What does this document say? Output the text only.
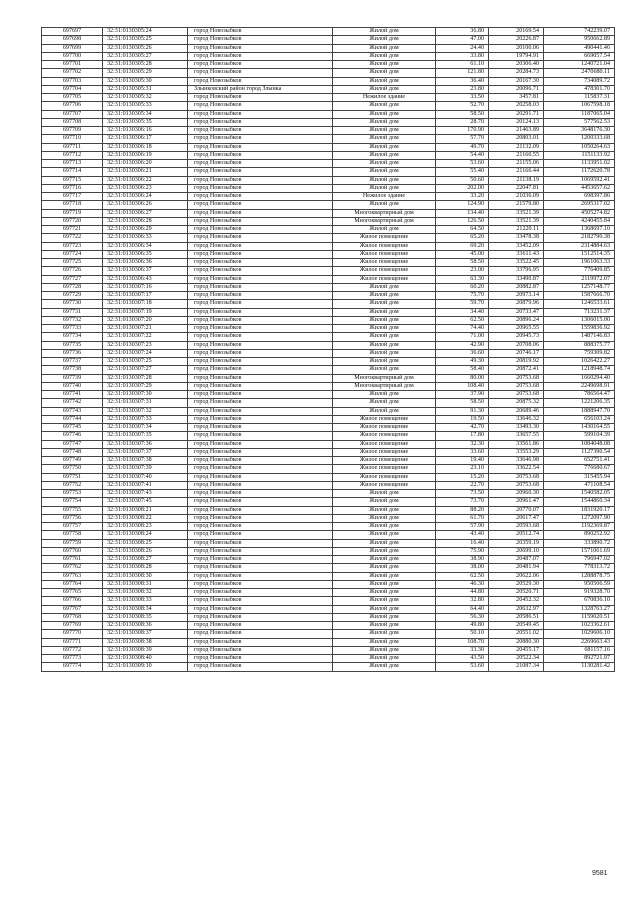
697697	32:31:0130305:24	город Новозыбков	Жилой дом	36.80	20169.54	742239.07
697698	32:31:0130305:25	город Новозыбков	Жилой дом	47.00	20226.87	950662.89
697699	32:31:0130305:26	город Новозыбков	Жилой дом	24.40	20100.06	490441.46
697700	32:31:0130305:27	город Новозыбков	Жилой дом	33.80	19794.91	669057.54
697701	32:31:0130305:28	город Новозыбков	Жилой дом	61.10	20306.40	1240721.04
697702	32:31:0130305:29	город Новозыбков	Жилой дом	121.80	20284.73	2470680.11
697703	32:31:0130305:30	город Новозыбков	Жилой дом	36.40	20167.30	734089.72
697704	32:31:0130305:31	Злынковский район город Злынка	Жилой дом	23.80	20096.71	478301.70
697705	32:31:0130305:32	город Новозыбков	Нежилое здание	33.50	3457.81	115837.31
697706	32:31:0130305:33	город Новозыбков	Жилой дом	52.70	20258.03	1067598.18
697707	32:31:0130305:34	город Новозыбков	Жилой дом	58.50	20291.71	1187065.04
697708	32:31:0130305:35	город Новозыбков	Жилой дом	28.70	20124.13	577562.53
697709	32:31:0130306:16	город Новозыбков	Жилой дом	170.90	21463.89	3648176.30
697710	32:31:0130306:17	город Новозыбков	Жилой дом	57.70	20803.01	1200333.68
697711	32:31:0130306:18	город Новозыбков	Жилой дом	49.70	21132.09	1050264.63
697712	32:31:0130306:19	город Новозыбков	Жилой дом	54.40	21160.55	1151133.92
697713	32:31:0130306:20	город Новозыбков	Жилой дом	53.60	21155.06	1133951.02
697714	32:31:0130306:21	город Новозыбков	Жилой дом	55.40	21166.44	1172620.78
697715	32:31:0130306:22	город Новозыбков	Жилой дом	50.60	21138.19	1069592.41
697716	32:31:0130306:23	город Новозыбков	Жилой дом	202.00	22047.81	4453657.62
697717	32:31:0130306:24	город Новозыбков	Нежилое здание	33.20	21036.09	698397.86
697718	32:31:0130306:26	город Новозыбков	Жилой дом	124.90	21579.80	2695317.02
697719	32:31:0130306:27	город Новозыбков	Многоквартирный дом	134.40	33521.39	4505274.82
697720	32:31:0130306:28	город Новозыбков	Многоквартирный дом	126.50	33521.39	4240455.84
697721	32:31:0130306:29	город Новозыбков	Жилой дом	64.50	21220.11	1368697.10
697722	32:31:0130306:33	город Новозыбков	Жилое помещение	65.20	33478.38	2182790.38
697723	32:31:0130306:34	город Новозыбков	Жилое помещение	69.20	33452.09	2314884.63
697724	32:31:0130306:35	город Новозыбков	Жилое помещение	45.00	33611.43	1512514.35
697725	32:31:0130306:36	город Новозыбков	Жилое помещение	58.50	33522.45	1961063.33
697726	32:31:0130306:37	город Новозыбков	Жилое помещение	23.00	33796.95	776409.85
697727	32:31:0130306:43	город Новозыбков	Жилое помещение	63.30	33490.87	2119972.07
697728	32:31:0130307:16	город Новозыбков	Жилой дом	60.20	20882.87	1257148.77
697729	32:31:0130307:17	город Новозыбков	Жилой дом	75.70	20973.14	1587666.70
697730	32:31:0130307:18	город Новозыбков	Жилой дом	59.70	20879.96	1246533.61
697731	32:31:0130307:19	город Новозыбков	Жилой дом	34.40	20733.47	713231.37
697732	32:31:0130307:20	город Новозыбков	Жилой дом	62.50	20896.24	1306015.00
697733	32:31:0130307:21	город Новозыбков	Жилой дом	74.40	20965.55	1559836.92
697734	32:31:0130307:22	город Новозыбков	Жилой дом	71.00	20945.73	1487146.83
697735	32:31:0130307:23	город Новозыбков	Жилой дом	42.90	20708.06	888375.77
697736	32:31:0130307:24	город Новозыбков	Жилой дом	36.60	20746.17	759309.82
697737	32:31:0130307:25	город Новозыбков	Жилой дом	49.30	20819.92	1026422.27
697738	32:31:0130307:27	город Новозыбков	Жилой дом	58.40	20872.41	1218948.74
697739	32:31:0130307:28	город Новозыбков	Многоквартирный дом	80.00	20753.68	1660294.40
697740	32:31:0130307:29	город Новозыбков	Многоквартирный дом	108.40	20753.68	2249698.91
697741	32:31:0130307:30	город Новозыбков	Жилой дом	37.90	20753.68	786564.47
697742	32:31:0130307:31	город Новозыбков	Жилой дом	58.50	20875.32	1221206.35
697743	32:31:0130307:32	город Новозыбков	Жилой дом	91.30	20689.46	1888947.70
697744	32:31:0130307:33	город Новозыбков	Жилое помещение	19.50	33646.32	656103.24
697745	32:31:0130307:34	город Новозыбков	Жилое помещение	42.70	33493.30	1430164.55
697746	32:31:0130307:35	город Новозыбков	Жилое помещение	17.80	33657.55	599104.39
697747	32:31:0130307:36	город Новозыбков	Жилое помещение	32.30	33561.86	1084048.08
697748	32:31:0130307:37	город Новозыбков	Жилое помещение	33.60	33553.29	1127390.54
697749	32:31:0130307:38	город Новозыбков	Жилое помещение	19.40	33646.98	652751.41
697750	32:31:0130307:39	город Новозыбков	Жилое помещение	23.10	33622.54	776680.67
697751	32:31:0130307:40	город Новозыбков	Жилое помещение	15.20	20753.68	315455.94
697752	32:31:0130307:41	город Новозыбков	Жилое помещение	22.70	20753.68	471108.54
697753	32:31:0130307:43	город Новозыбков	Жилой дом	73.50	20960.30	1540582.05
697754	32:31:0130307:45	город Новозыбков	Жилой дом	73.70	20961.47	1544860.34
697755	32:31:0130308:21	город Новозыбков	Жилой дом	88.20	20770.07	1831920.17
697756	32:31:0130308:22	город Новозыбков	Жилой дом	61.70	20617.47	1272097.90
697757	32:31:0130308:23	город Новозыбков	Жилой дом	57.90	20593.68	1192369.87
697758	32:31:0130308:24	город Новозыбков	Жилой дом	43.40	20512.74	890252.92
697759	32:31:0130308:25	город Новозыбков	Жилой дом	16.40	20359.19	333890.72
697760	32:31:0130308:26	город Новозыбков	Жилой дом	75.90	20699.10	1571061.69
697761	32:31:0130308:27	город Новозыбков	Жилой дом	38.90	20487.07	796947.02
697762	32:31:0130308:28	город Новозыбков	Жилой дом	38.00	20481.94	778313.72
697763	32:31:0130308:30	город Новозыбков	Жилой дом	62.50	20622.06	1288878.75
697764	32:31:0130308:31	город Новозыбков	Жилой дом	46.30	20529.30	950506.59
697765	32:31:0130308:32	город Новозыбков	Жилой дом	44.80	20520.71	919328.70
697766	32:31:0130308:33	город Новозыбков	Жилой дом	32.80	20452.32	670836.10
697767	32:31:0130308:34	город Новозыбков	Жилой дом	64.40	20632.97	1328763.27
697768	32:31:0130308:35	город Новозыбков	Жилой дом	56.30	20586.51	1159020.51
697769	32:31:0130308:36	город Новозыбков	Жилой дом	49.80	20549.45	1023362.61
697770	32:31:0130308:37	город Новозыбков	Жилой дом	50.10	20551.02	1029606.10
697771	32:31:0130308:38	город Новозыбков	Жилой дом	108.70	20880.30	2269663.43
697772	32:31:0130308:39	город Новозыбков	Жилой дом	33.30	20455.17	681157.16
697773	32:31:0130308:40	город Новозыбков	Жилой дом	43.50	20522.34	892721.97
697774	32:31:0130309:10	город Новозыбков	Жилой дом	53.60	21087.34	1130281.42
9581
